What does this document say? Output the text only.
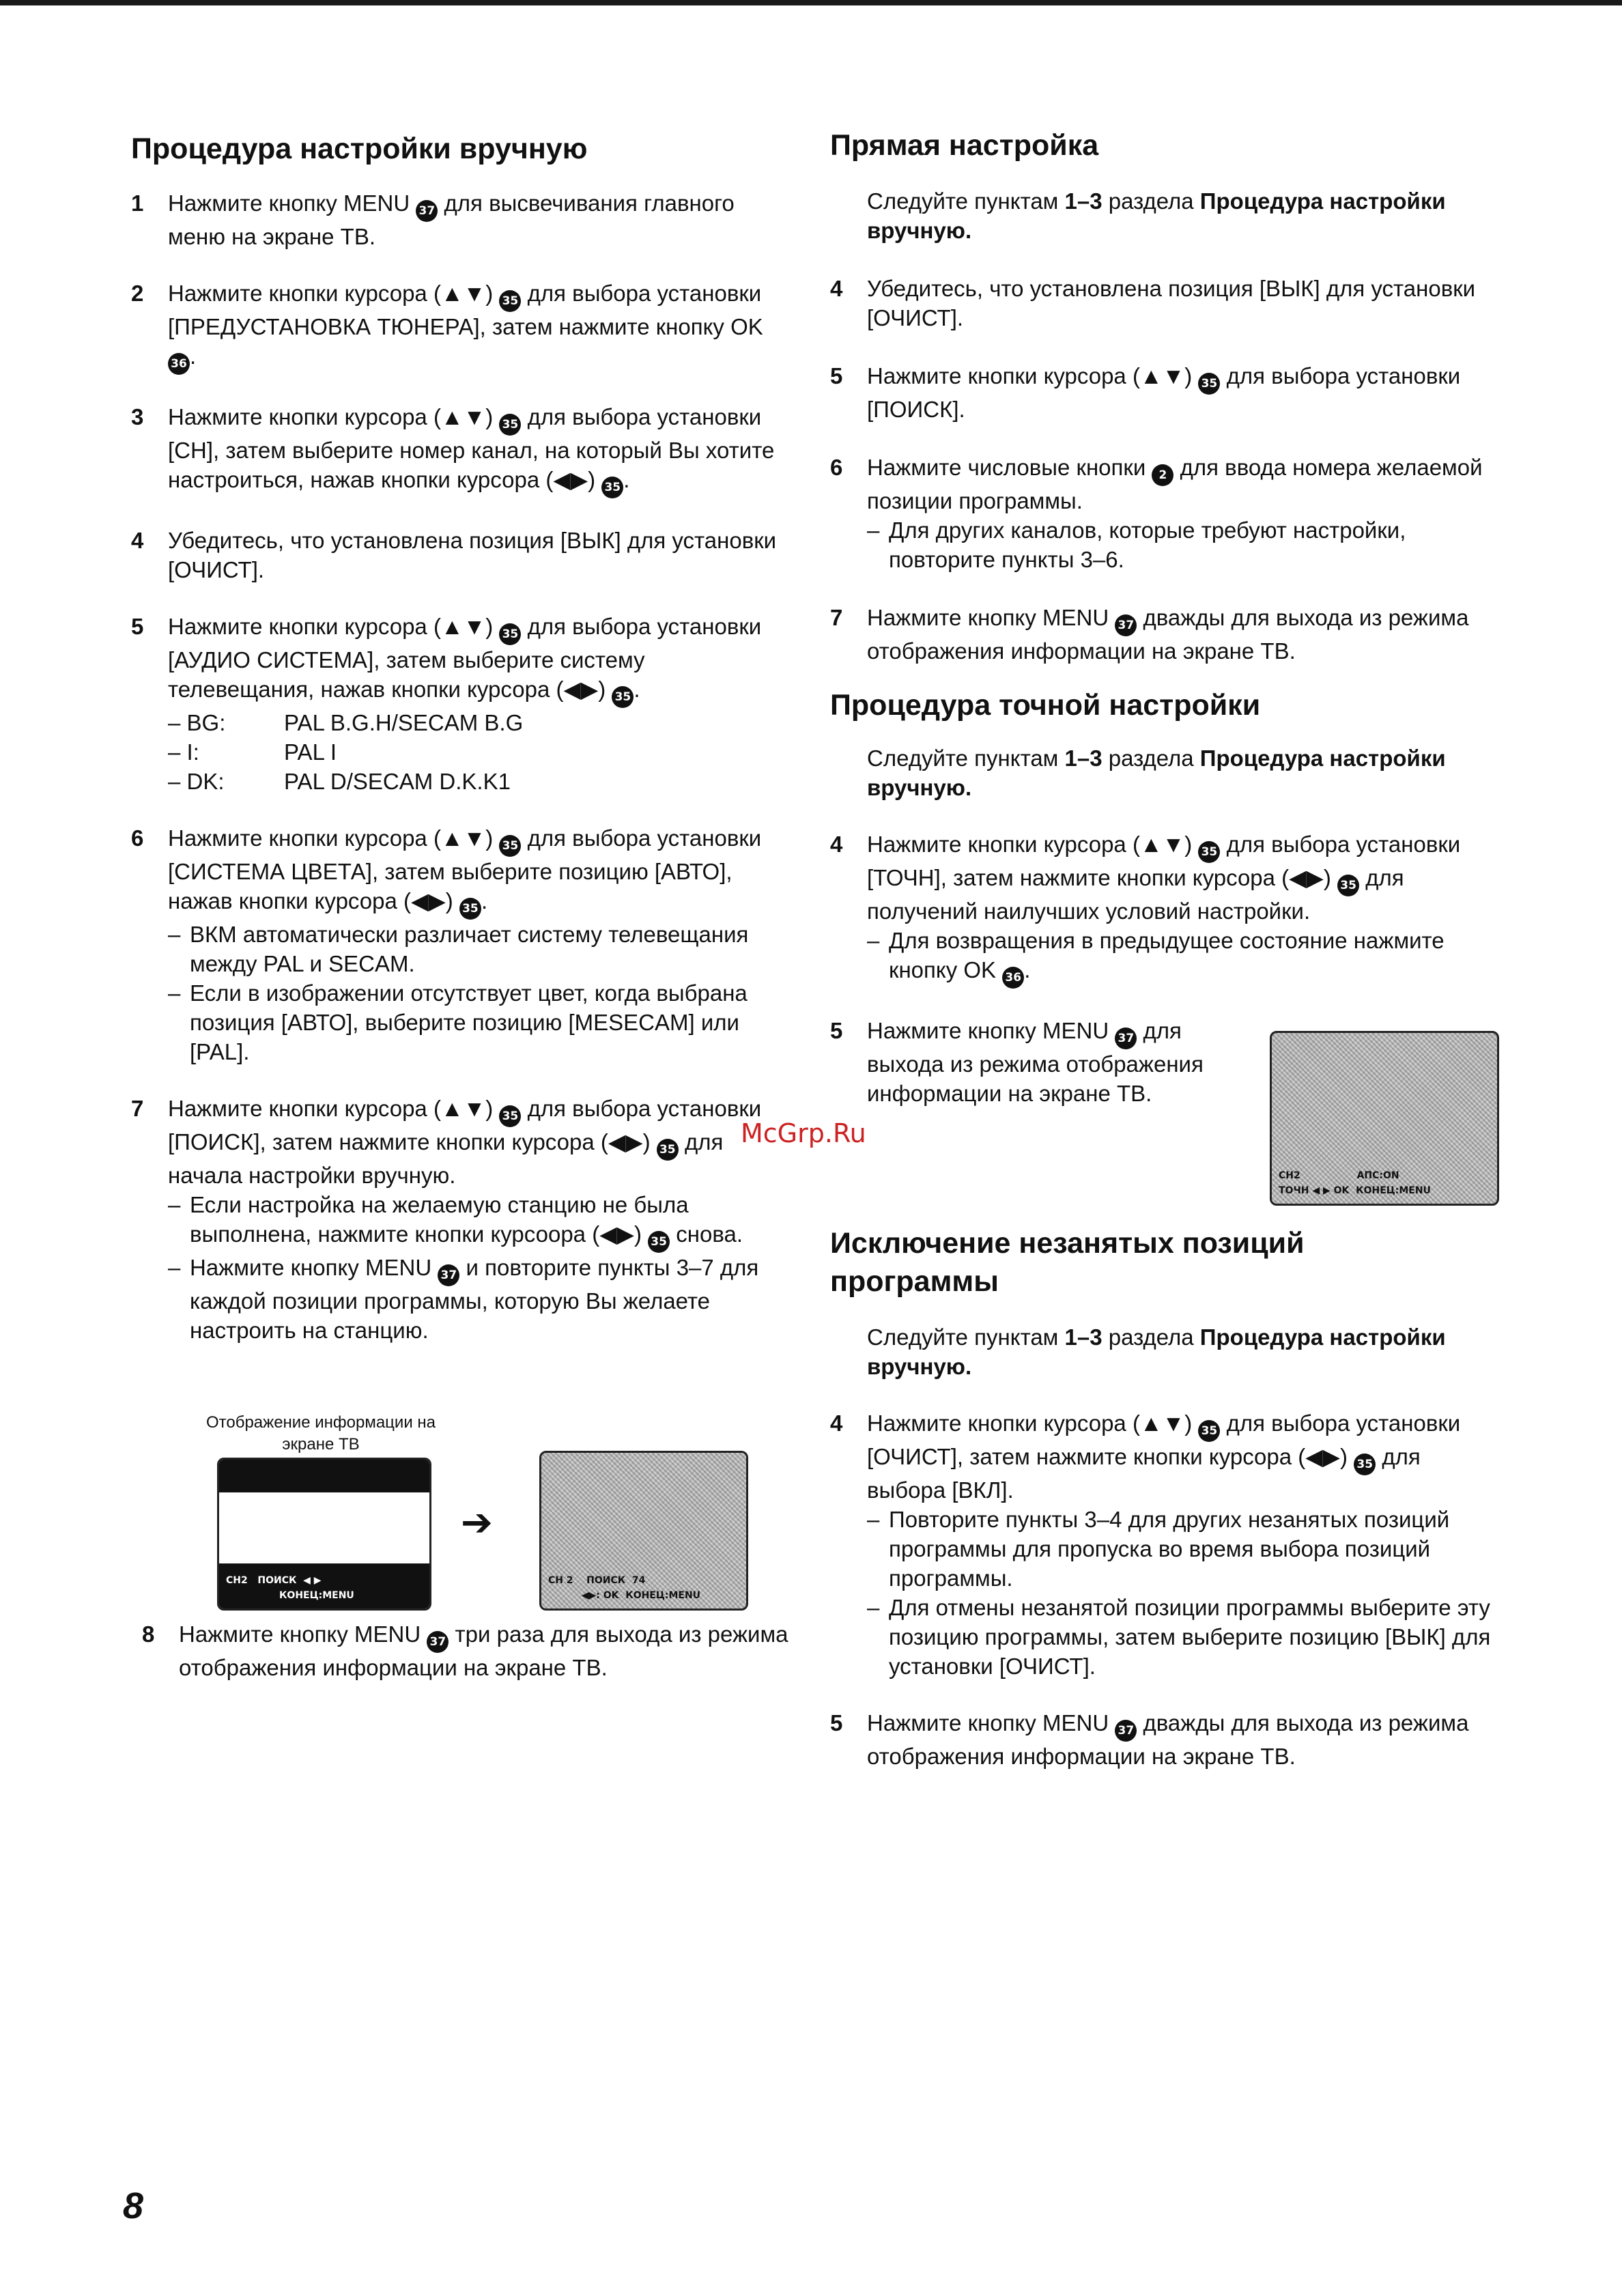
Процедура настройки вручную
1 Нажмите кнопку MENU 37 для высвечивания главного меню на экране ТВ.
2 Нажмите кнопки курсора (▲▼) 35 для выбора установки [ПРЕДУСТАНОВКА ТЮНЕРА], затем нажмите кнопку OK 36 .
3 Нажмите кнопки курсора (▲▼) 35 для выбора установки [CH], затем выберите номер канал, на который Вы хотите настроиться, нажав кнопки курсора (◀▶) 35 .
4 Убедитесь, что установлена позиция [ВЫК] для установки [ОЧИСТ].
5 Нажмите кнопки курсора (▲▼) 35 для выбора установки [АУДИО СИСТЕМА], затем выберите систему телевещания, нажав кнопки курсора (◀▶) 35 .
– BG:	PAL B.G.H/SECAM B.G
– I:	PAL I
– DK:	PAL D/SECAM D.K.K1
6 Нажмите кнопки курсора (▲▼) 35 для выбора установки [СИСТЕМА ЦВЕТА], затем выберите позицию [АВТО], нажав кнопки курсора (◀▶) 35 .
– ВКМ автоматически различает систему телевещания между PAL и SECAM.
– Если в изображении отсутствует цвет, когда выбрана позиция [АВТО], выберите позицию [MESECAM] или [PAL].
7 Нажмите кнопки курсора (▲▼) 35 для выбора установки [ПОИСК], затем нажмите кнопки курсора (◀▶) 35 для начала настройки вручную.
– Если настройка на желаемую станцию не была выполнена, нажмите кнопки курсоора (◀▶) 35 снова.
– Нажмите кнопку MENU 37 и повторите пункты 3–7 для каждой позиции программы, которую Вы желаете настроить на станцию.
Отображение информации на экране ТВ
CH2   ПОИСК  ◀ ▶
КОНЕЦ:MENU
➔
CH 2    ПОИСК  74
◀▶: OK  КОНЕЦ:MENU
8 Нажмите кнопку MENU 37 три раза для выхода из режима отображения информации на экране ТВ.
Прямая настройка

Следуйте пунктам 1–3 раздела Процедура настройки вручную.

4 Убедитесь, что установлена позиция [ВЫК] для установки [ОЧИСТ].
5 Нажмите кнопки курсора (▲▼) 35 для выбора установки [ПОИСК].
6 Нажмите числовые кнопки 2 для ввода номера желаемой позиции программы.
– Для других каналов, которые требуют настройки, повторите пункты 3–6.
7 Нажмите кнопку MENU 37 дважды для выхода из режима отображения информации на экране ТВ.
Процедура точной настройки

Следуйте пунктам 1–3 раздела Процедура настройки вручную.

4 Нажмите кнопки курсора (▲▼) 35 для выбора установки [ТОЧН], затем нажмите кнопки курсора (◀▶) 35 для получений наилучших условий настройки.
– Для возвращения в предыдущее состояние нажмите кнопку OK 36 .
5 Нажмите кнопку MENU 37 для выхода из режима отображения информации на экране ТВ.
Исключение незанятых позиций программы

Следуйте пунктам 1–3 раздела Процедура настройки вручную.

4 Нажмите кнопки курсора (▲▼) 35 для выбора установки [ОЧИСТ], затем нажмите кнопки курсора (◀▶) 35 для выбора [ВКЛ].
– Повторите пункты 3–4 для других незанятых позиций программы для пропуска во время выбора позиций программы.
– Для отмены незанятой позиции программы выберите эту позицию программы, затем выберите позицию [ВЫК] для установки [ОЧИСТ].
5 Нажмите кнопку MENU 37 дважды для выхода из режима отображения информации на экране ТВ.
CH2                 АПС:ON
ТОЧН ◀ ▶ OK  КОНЕЦ:MENU
McGrp.Ru
8
